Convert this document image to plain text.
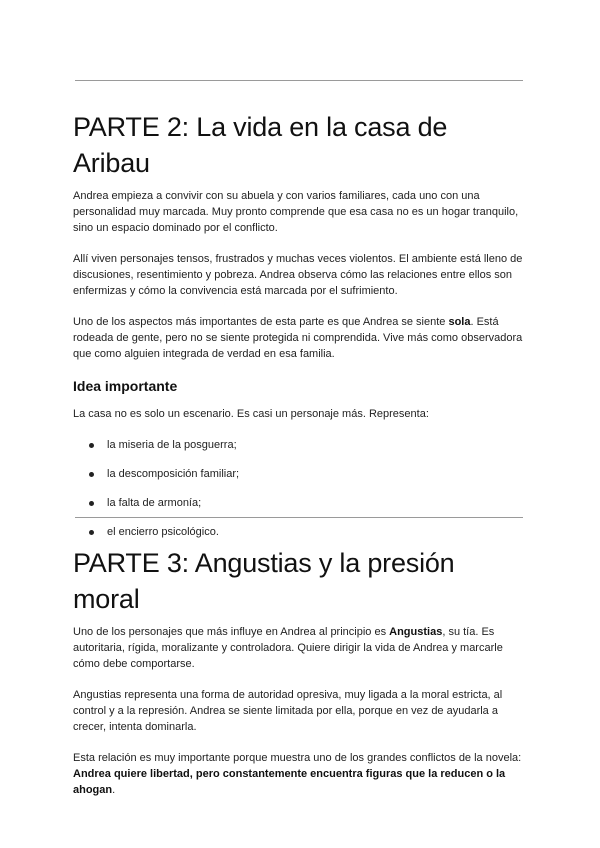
PARTE 2: La vida en la casa de Aribau

Andrea empieza a convivir con su abuela y con varios familiares, cada uno con una personalidad muy marcada. Muy pronto comprende que esa casa no es un hogar tranquilo, sino un espacio dominado por el conflicto.

Allí viven personajes tensos, frustrados y muchas veces violentos. El ambiente está lleno de discusiones, resentimiento y pobreza. Andrea observa cómo las relaciones entre ellos son enfermizas y cómo la convivencia está marcada por el sufrimiento.

Uno de los aspectos más importantes de esta parte es que Andrea se siente sola. Está rodeada de gente, pero no se siente protegida ni comprendida. Vive más como observadora que como alguien integrada de verdad en esa familia.

Idea importante

La casa no es solo un escenario. Es casi un personaje más. Representa:

la miseria de la posguerra;
la descomposición familiar;
la falta de armonía;
el encierro psicológico.
PARTE 3: Angustias y la presión moral

Uno de los personajes que más influye en Andrea al principio es Angustias, su tía. Es autoritaria, rígida, moralizante y controladora. Quiere dirigir la vida de Andrea y marcarle cómo debe comportarse.

Angustias representa una forma de autoridad opresiva, muy ligada a la moral estricta, al control y a la represión. Andrea se siente limitada por ella, porque en vez de ayudarla a crecer, intenta dominarla.

Esta relación es muy importante porque muestra uno de los grandes conflictos de la novela: Andrea quiere libertad, pero constantemente encuentra figuras que la reducen o la ahogan.
